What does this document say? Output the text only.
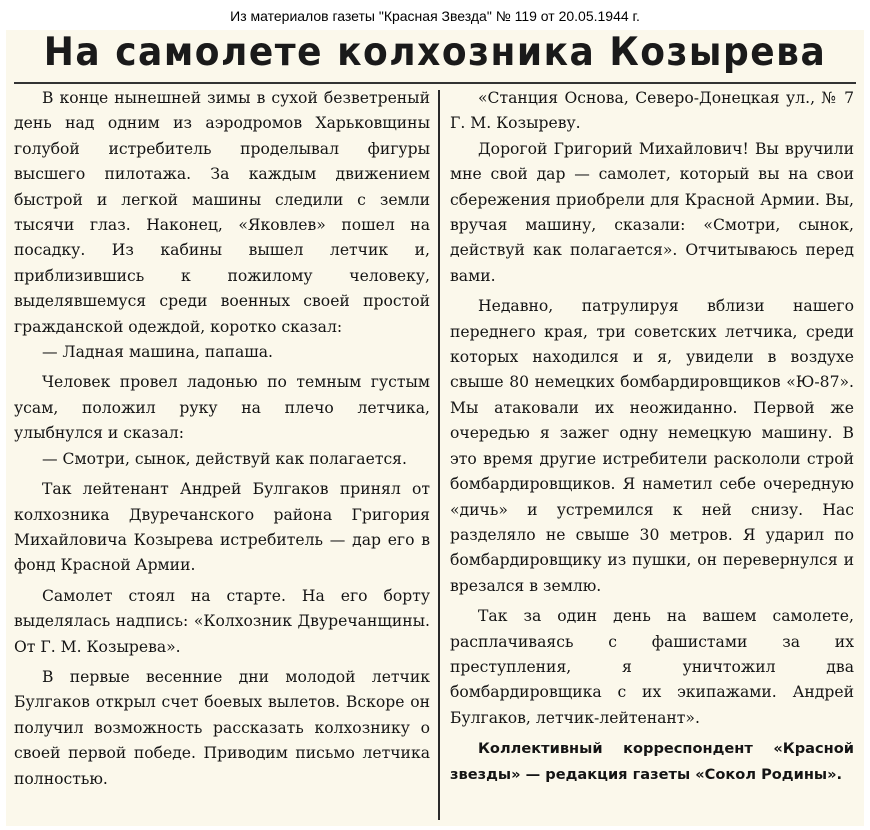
Из материалов газеты "Красная Звезда" № 119 от 20.05.1944 г.
На самолете колхозника Козырева

В конце нынешней зимы в сухой безветреный день над одним из аэродромов Харьковщины голубой истребитель проделывал фигуры высшего пилотажа. За каждым движением быстрой и легкой машины следили с земли тысячи глаз. Наконец, «Яковлев» пошел на посадку. Из кабины вышел летчик и, приблизившись к пожилому человеку, выделявшемуся среди военных своей простой гражданской одеждой, коротко сказал:

— Ладная машина, папаша.

Человек провел ладонью по темным густым усам, положил руку на плечо летчика, улыбнулся и сказал:

— Смотри, сынок, действуй как полагается.

Так лейтенант Андрей Булгаков принял от колхозника Двуречанского района Григория Михайловича Козырева истребитель — дар его в фонд Красной Армии.

Самолет стоял на старте. На его борту выделялась надпись: «Колхозник Двуречанщины. От Г. М. Козырева».

В первые весенние дни молодой летчик Булгаков открыл счет боевых вылетов. Вскоре он получил возможность рассказать колхознику о своей первой победе. Приводим письмо летчика полностью.

«Станция Основа, Северо-Донецкая ул., № 7 Г. М. Козыреву.

Дорогой Григорий Михайлович! Вы вручили мне свой дар — самолет, который вы на свои сбережения приобрели для Красной Армии. Вы, вручая машину, сказали: «Смотри, сынок, действуй как полагается». Отчитываюсь перед вами.

Недавно, патрулируя вблизи нашего переднего края, три советских летчика, среди которых находился и я, увидели в воздухе свыше 80 немецких бомбардировщиков «Ю-87». Мы атаковали их неожиданно. Первой же очередью я зажег одну немецкую машину. В это время другие истребители раскололи строй бомбардировщиков. Я наметил себе очередную «дичь» и устремился к ней снизу. Нас разделяло не свыше 30 метров. Я ударил по бомбардировщику из пушки, он перевернулся и врезался в землю.

Так за один день на вашем самолете, расплачиваясь с фашистами за их преступления, я уничтожил два бомбардировщика с их экипажами. Андрей Булгаков, летчик-лейтенант».

Коллективный корреспондент «Красной звезды» — редакция газеты «Сокол Родины».
